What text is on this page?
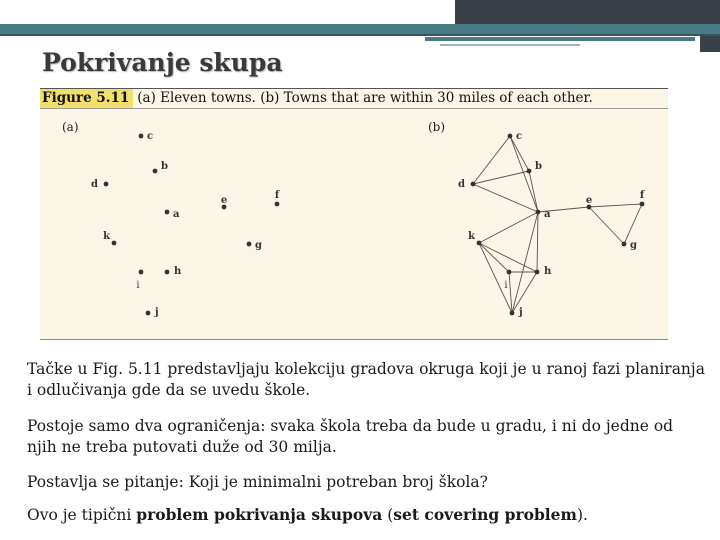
Pokrivanje skupa
Figure 5.11 (a) Eleven towns. (b) Towns that are within 30 miles of each other.
(a)	(b)
c
b
d
a
e	f
k
g
i
h
j
c
b
d
a
e	f
k
g
i
h
j

Tačke u Fig. 5.11 predstavljaju kolekciju gradova okruga koji je u ranoj fazi planiranja i odlučivanja gde da se uvedu škole.

Postoje samo dva ograničenja: svaka škola treba da bude u gradu, i ni do jedne od njih ne treba putovati duže od 30 milja.

Postavlja se pitanje: Koji je minimalni potreban broj škola?

Ovo je tipični problem pokrivanja skupova (set covering problem).
